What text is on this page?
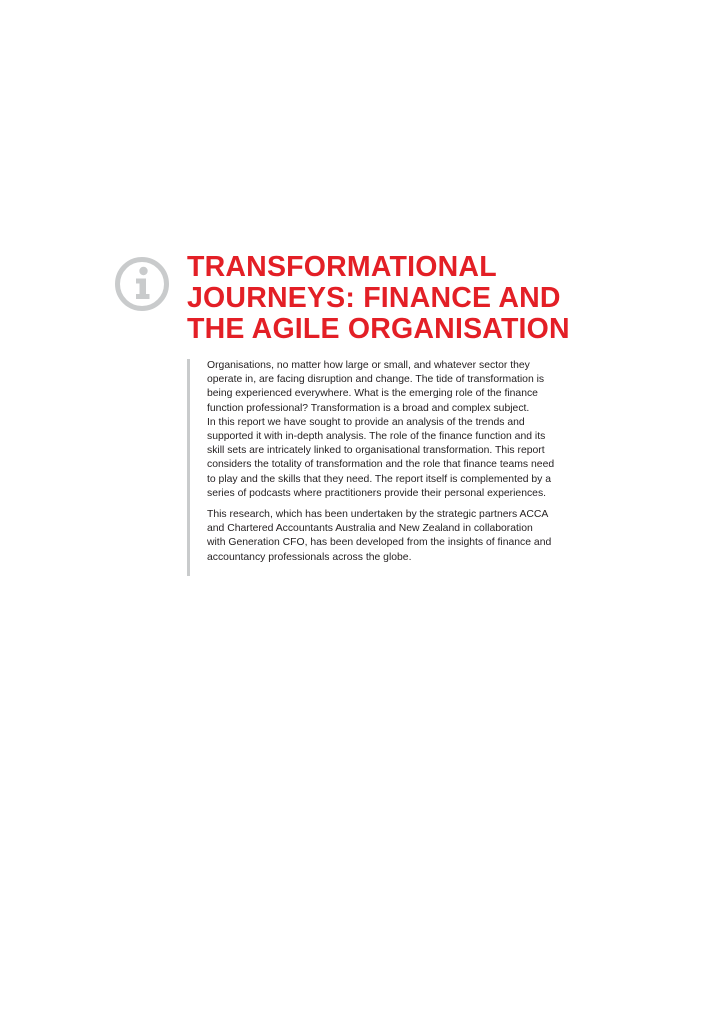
TRANSFORMATIONAL
JOURNEYS: FINANCE AND
THE AGILE ORGANISATION

Organisations, no matter how large or small, and whatever sector they
operate in, are facing disruption and change. The tide of transformation is
being experienced everywhere. What is the emerging role of the finance
function professional? Transformation is a broad and complex subject.
In this report we have sought to provide an analysis of the trends and
supported it with in-depth analysis. The role of the finance function and its
skill sets are intricately linked to organisational transformation. This report
considers the totality of transformation and the role that finance teams need
to play and the skills that they need. The report itself is complemented by a
series of podcasts where practitioners provide their personal experiences.

This research, which has been undertaken by the strategic partners ACCA
and Chartered Accountants Australia and New Zealand in collaboration
with Generation CFO, has been developed from the insights of finance and
accountancy professionals across the globe.
